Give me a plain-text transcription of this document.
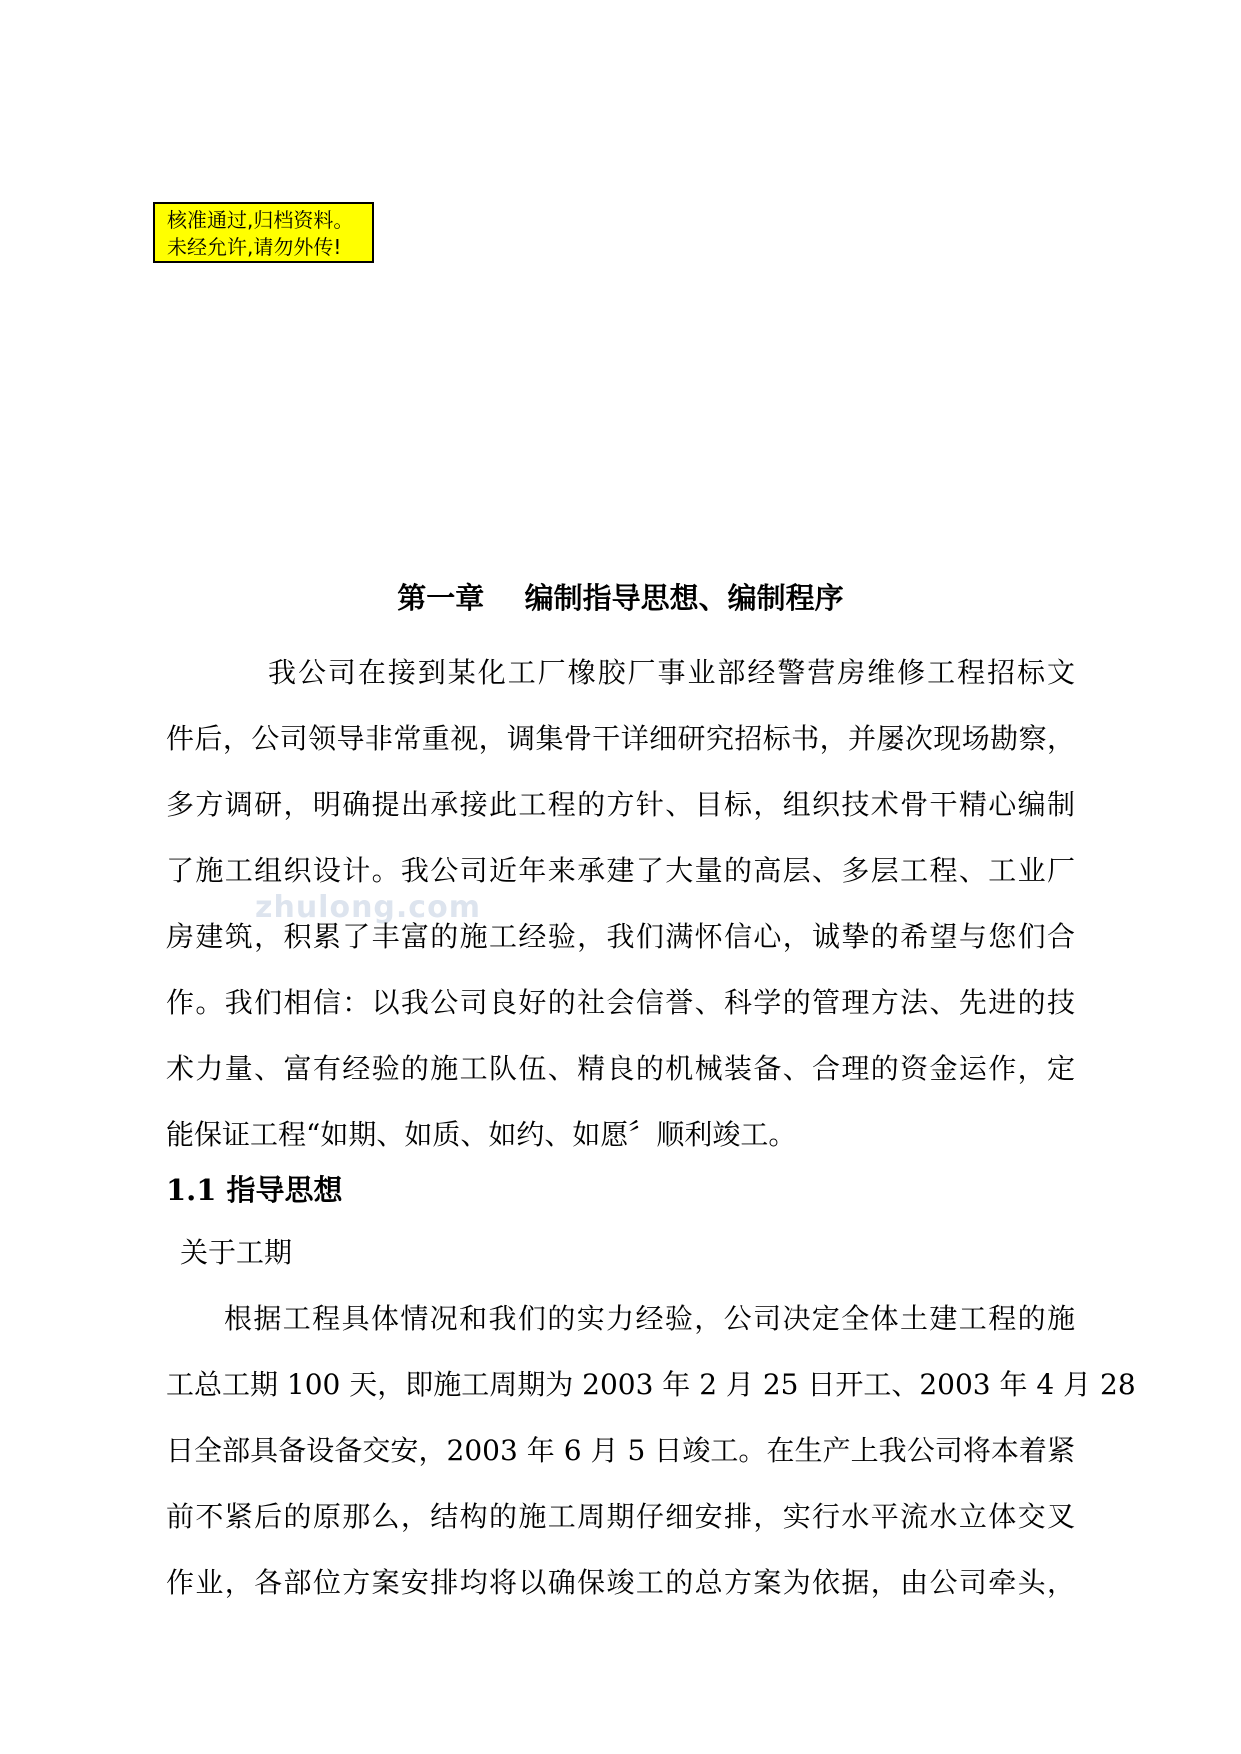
核准通过,归档资料。
未经允许,请勿外传!
zhulong.com
第一章    编制指导思想、编制程序
我公司在接到某化工厂橡胶厂事业部经警营房维修工程招标文
件后，公司领导非常重视，调集骨干详细研究招标书，并屡次现场勘察，
多方调研，明确提出承接此工程的方针、目标，组织技术骨干精心编制
了施工组织设计。我公司近年来承建了大量的高层、多层工程、工业厂
房建筑，积累了丰富的施工经验，我们满怀信心，诚挚的希望与您们合
作。我们相信：以我公司良好的社会信誉、科学的管理方法、先进的技
术力量、富有经验的施工队伍、精良的机械装备、合理的资金运作，定
能保证工程“如期、如质、如约、如愿〞顺利竣工。
1.1 指导思想
关于工期
根据工程具体情况和我们的实力经验，公司决定全体土建工程的施
工总工期 100 天，即施工周期为 2003 年 2 月 25 日开工、2003 年 4 月 28
日全部具备设备交安，2003 年 6 月 5 日竣工。在生产上我公司将本着紧
前不紧后的原那么，结构的施工周期仔细安排，实行水平流水立体交叉
作业，各部位方案安排均将以确保竣工的总方案为依据，由公司牵头，
